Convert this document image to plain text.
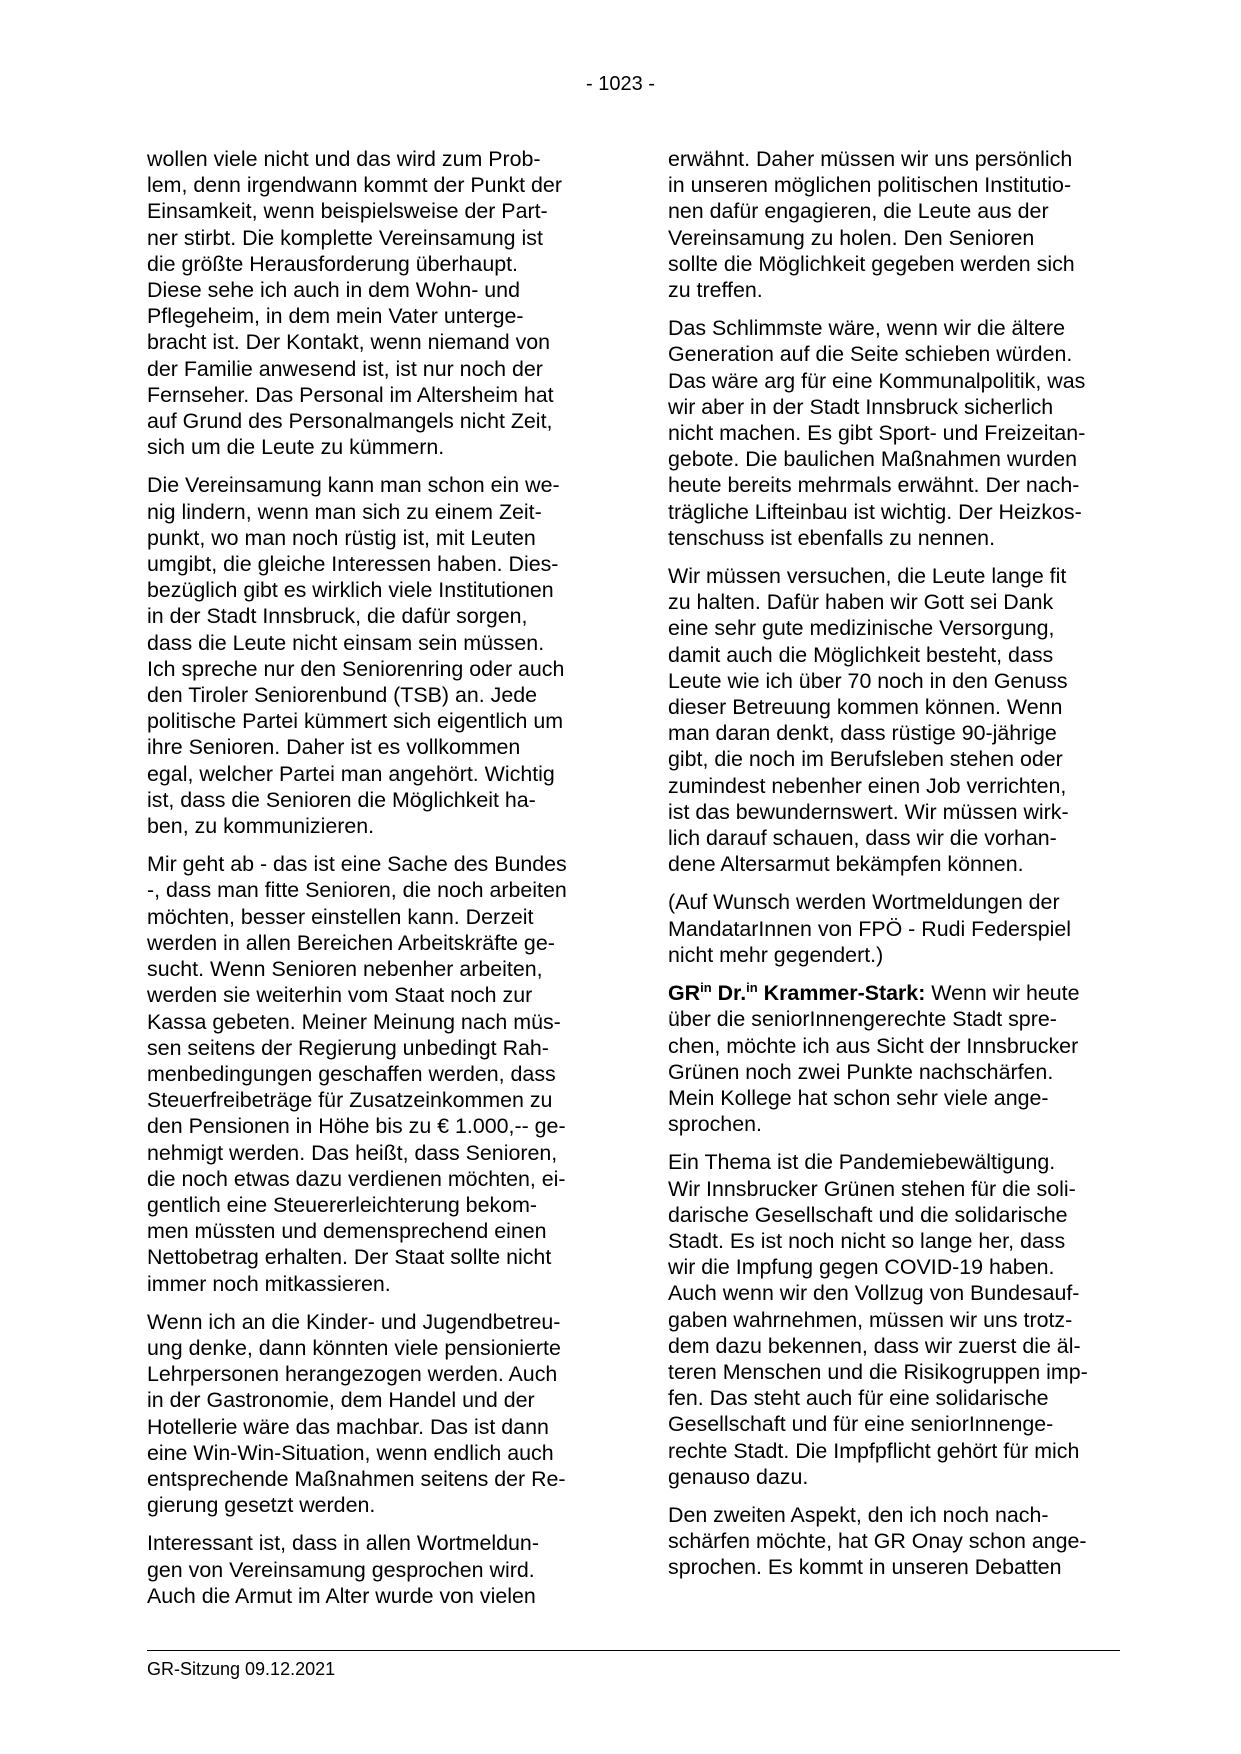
- 1023 -

wollen viele nicht und das wird zum Prob-
lem, denn irgendwann kommt der Punkt der
Einsamkeit, wenn beispielsweise der Part-
ner stirbt. Die komplette Vereinsamung ist
die größte Herausforderung überhaupt.
Diese sehe ich auch in dem Wohn- und
Pflegeheim, in dem mein Vater unterge-
bracht ist. Der Kontakt, wenn niemand von
der Familie anwesend ist, ist nur noch der
Fernseher. Das Personal im Altersheim hat
auf Grund des Personalmangels nicht Zeit,
sich um die Leute zu kümmern.

Die Vereinsamung kann man schon ein we-
nig lindern, wenn man sich zu einem Zeit-
punkt, wo man noch rüstig ist, mit Leuten
umgibt, die gleiche Interessen haben. Dies-
bezüglich gibt es wirklich viele Institutionen
in der Stadt Innsbruck, die dafür sorgen,
dass die Leute nicht einsam sein müssen.
Ich spreche nur den Seniorenring oder auch
den Tiroler Seniorenbund (TSB) an. Jede
politische Partei kümmert sich eigentlich um
ihre Senioren. Daher ist es vollkommen
egal, welcher Partei man angehört. Wichtig
ist, dass die Senioren die Möglichkeit ha-
ben, zu kommunizieren.

Mir geht ab - das ist eine Sache des Bundes
-, dass man fitte Senioren, die noch arbeiten
möchten, besser einstellen kann. Derzeit
werden in allen Bereichen Arbeitskräfte ge-
sucht. Wenn Senioren nebenher arbeiten,
werden sie weiterhin vom Staat noch zur
Kassa gebeten. Meiner Meinung nach müs-
sen seitens der Regierung unbedingt Rah-
menbedingungen geschaffen werden, dass
Steuerfreibeträge für Zusatzeinkommen zu
den Pensionen in Höhe bis zu € 1.000,-- ge-
nehmigt werden. Das heißt, dass Senioren,
die noch etwas dazu verdienen möchten, ei-
gentlich eine Steuererleichterung bekom-
men müssten und demensprechend einen
Nettobetrag erhalten. Der Staat sollte nicht
immer noch mitkassieren.

Wenn ich an die Kinder- und Jugendbetreu-
ung denke, dann könnten viele pensionierte
Lehrpersonen herangezogen werden. Auch
in der Gastronomie, dem Handel und der
Hotellerie wäre das machbar. Das ist dann
eine Win-Win-Situation, wenn endlich auch
entsprechende Maßnahmen seitens der Re-
gierung gesetzt werden.

Interessant ist, dass in allen Wortmeldun-
gen von Vereinsamung gesprochen wird.
Auch die Armut im Alter wurde von vielen

erwähnt. Daher müssen wir uns persönlich
in unseren möglichen politischen Institutio-
nen dafür engagieren, die Leute aus der
Vereinsamung zu holen. Den Senioren
sollte die Möglichkeit gegeben werden sich
zu treffen.

Das Schlimmste wäre, wenn wir die ältere
Generation auf die Seite schieben würden.
Das wäre arg für eine Kommunalpolitik, was
wir aber in der Stadt Innsbruck sicherlich
nicht machen. Es gibt Sport- und Freizeitan-
gebote. Die baulichen Maßnahmen wurden
heute bereits mehrmals erwähnt. Der nach-
trägliche Lifteinbau ist wichtig. Der Heizkos-
tenschuss ist ebenfalls zu nennen.

Wir müssen versuchen, die Leute lange fit
zu halten. Dafür haben wir Gott sei Dank
eine sehr gute medizinische Versorgung,
damit auch die Möglichkeit besteht, dass
Leute wie ich über 70 noch in den Genuss
dieser Betreuung kommen können. Wenn
man daran denkt, dass rüstige 90-jährige
gibt, die noch im Berufsleben stehen oder
zumindest nebenher einen Job verrichten,
ist das bewundernswert. Wir müssen wirk-
lich darauf schauen, dass wir die vorhan-
dene Altersarmut bekämpfen können.

(Auf Wunsch werden Wortmeldungen der
MandatarInnen von FPÖ - Rudi Federspiel
nicht mehr gegendert.)

$GR^{in}$ Dr.$^{in}$ Krammer-Stark: Wenn wir heute
über die seniorInnengerechte Stadt spre-
chen, möchte ich aus Sicht der Innsbrucker
Grünen noch zwei Punkte nachschärfen.
Mein Kollege hat schon sehr viele ange-
sprochen.

Ein Thema ist die Pandemiebewältigung.
Wir Innsbrucker Grünen stehen für die soli-
darische Gesellschaft und die solidarische
Stadt. Es ist noch nicht so lange her, dass
wir die Impfung gegen COVID-19 haben.
Auch wenn wir den Vollzug von Bundesauf-
gaben wahrnehmen, müssen wir uns trotz-
dem dazu bekennen, dass wir zuerst die äl-
teren Menschen und die Risikogruppen imp-
fen. Das steht auch für eine solidarische
Gesellschaft und für eine seniorInnenge-
rechte Stadt. Die Impfpflicht gehört für mich
genauso dazu.

Den zweiten Aspekt, den ich noch nach-
schärfen möchte, hat GR Onay schon ange-
sprochen. Es kommt in unseren Debatten

GR-Sitzung 09.12.2021
